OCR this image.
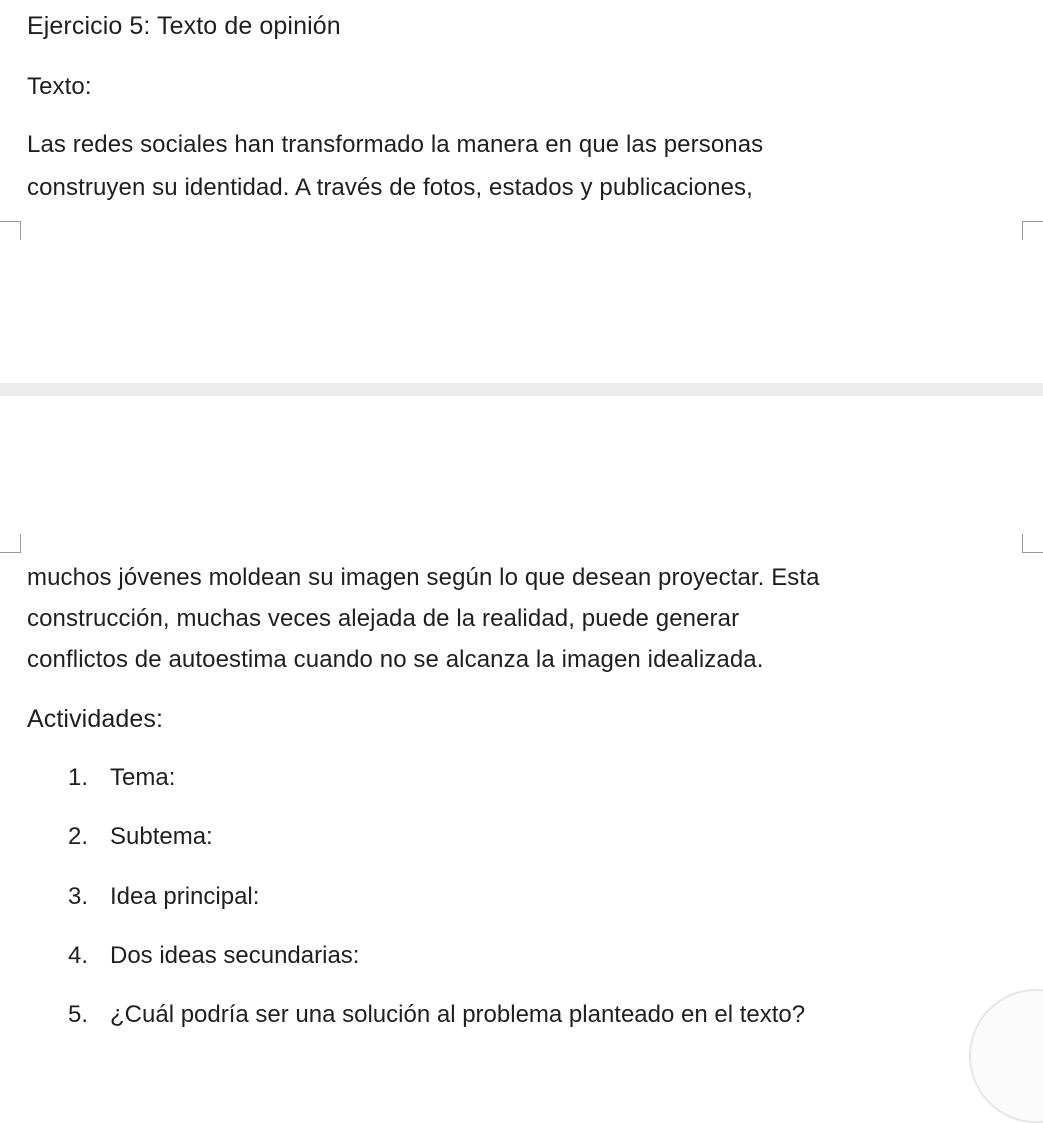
Ejercicio 5: Texto de opinión
Texto:
Las redes sociales han transformado la manera en que las personas
construyen su identidad. A través de fotos, estados y publicaciones,
muchos jóvenes moldean su imagen según lo que desean proyectar. Esta
construcción, muchas veces alejada de la realidad, puede generar
conflictos de autoestima cuando no se alcanza la imagen idealizada.
Actividades:
1. Tema:
2. Subtema:
3. Idea principal:
4. Dos ideas secundarias:
5. ¿Cuál podría ser una solución al problema planteado en el texto?
